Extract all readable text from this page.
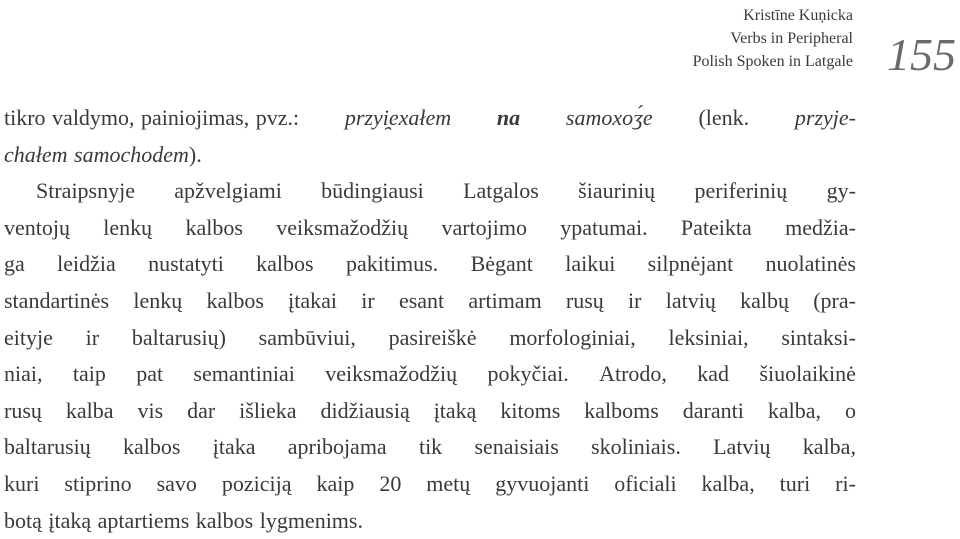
Kristīne Kuņicka
Verbs in Peripheral
Polish Spoken in Latgale 155
tikro valdymo, painiojimas, pvz.: przyi̯exałem na samoxoʒ́e (lenk. przyje-
chałem samochodem ).
Straipsnyje apžvelgiami būdingiausi Latgalos šiaurinių periferinių gy-
ventojų lenkų kalbos veiksmažodžių vartojimo ypatumai. Pateikta medžia-
ga leidžia nustatyti kalbos pakitimus. Bėgant laikui silpnėjant nuolatinės
standartinės lenkų kalbos įtakai ir esant artimam rusų ir latvių kalbų (pra-
eityje ir baltarusių) sambūviui, pasireiškė morfologiniai, leksiniai, sintaksi-
niai, taip pat semantiniai veiksmažodžių pokyčiai. Atrodo, kad šiuolaikinė
rusų kalba vis dar išlieka didžiausią įtaką kitoms kalboms daranti kalba, o
baltarusių kalbos įtaka apribojama tik senaisiais skoliniais. Latvių kalba,
kuri stiprino savo poziciją kaip 20 metų gyvuojanti oficiali kalba, turi ri-
botą įtaką aptartiems kalbos lygmenims.
